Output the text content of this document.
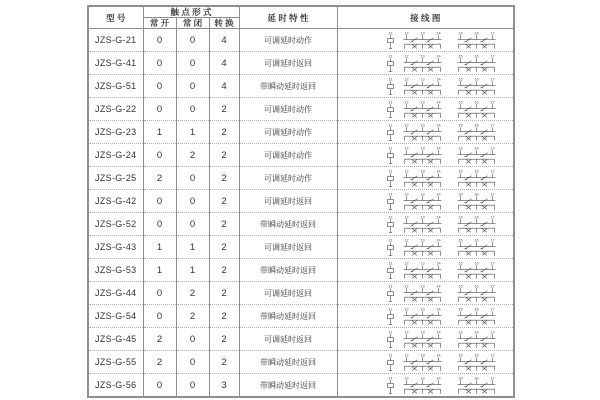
型 号	触 点 形 式			延 时 特 性	接 线 图
	常 开	常 闭	转 换		
JZS-G-21	0	0	4	可调延时动作	
11	12	13	14	15	16	17

JZS-G-41	0	0	4	可调延时返回	
11	12	13	14	15	16	17

JZS-G-51	0	0	4	带瞬动延时返回	
11	12	13	14	15	16	17

JZS-G-22	0	0	2	可调延时动作	
11	12	13	14	15	16	17

JZS-G-23	1	1	2	可调延时动作	
11	12	13	14	15	16	17

JZS-G-24	0	2	2	可调延时动作	
11	12	13	14	15	16	17

JZS-G-25	2	0	2	可调延时动作	
11	12	13	14	15	16	17

JZS-G-42	0	0	2	可调延时返回	
11	12	13	14	15	16	17

JZS-G-52	0	0	2	带瞬动延时返回	
11	12	13	14	15	16	17

JZS-G-43	1	1	2	可调延时返回	
11	12	13	14	15	16	17

JZS-G-53	1	1	2	带瞬动延时返回	
11	12	13	14	15	16	17

JZS-G-44	0	2	2	可调延时返回	
11	12	13	14	15	16	17

JZS-G-54	0	2	2	带瞬动延时返回	
11	12	13	14	15	16	17

JZS-G-45	2	0	2	可调延时返回	
11	12	13	14	15	16	17

JZS-G-55	2	0	2	带瞬动延时返回	
11	12	13	14	15	16	17

JZS-G-56	0	0	3	带瞬动延时返回	
11	12	13	14	15	16	17
